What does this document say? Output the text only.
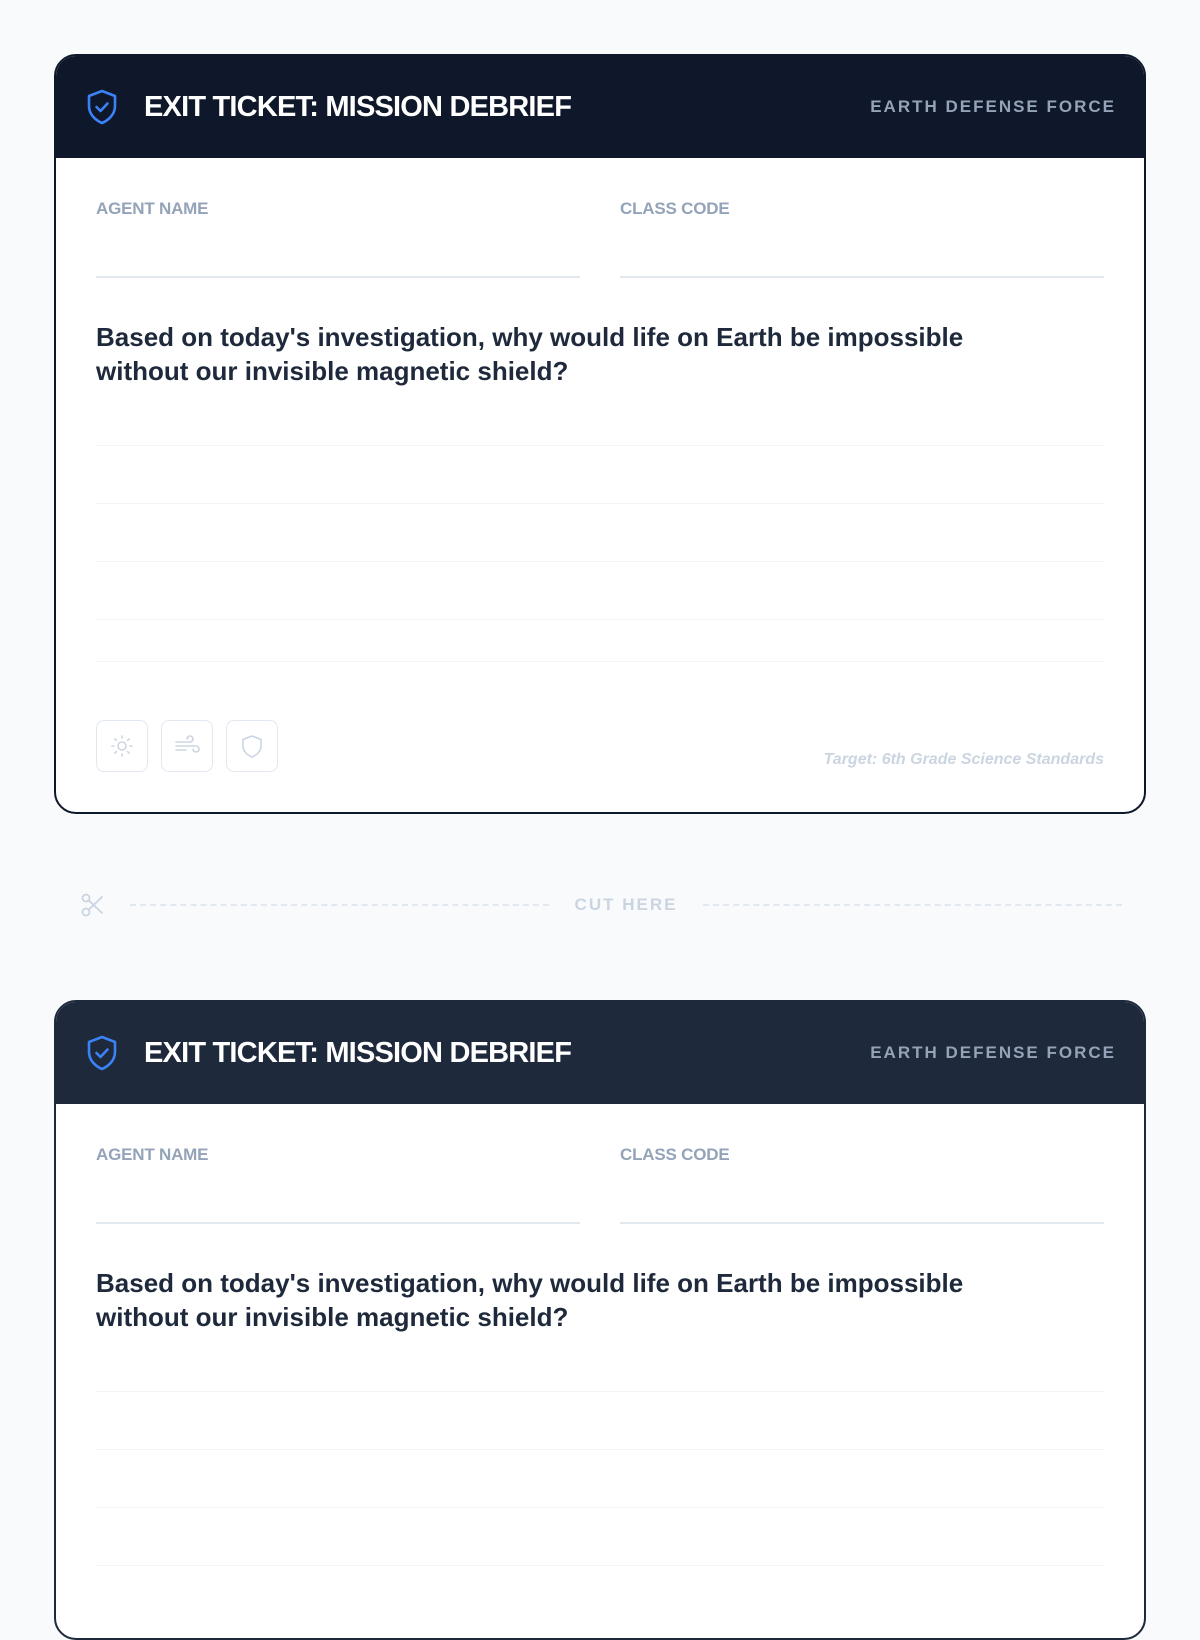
EXIT TICKET: MISSION DEBRIEF	EARTH DEFENSE FORCE
AGENT NAME	CLASS CODE
Based on today's investigation, why would life on Earth be impossible without our invisible magnetic shield?
Target: 6th Grade Science Standards
CUT HERE
EXIT TICKET: MISSION DEBRIEF	EARTH DEFENSE FORCE
AGENT NAME	CLASS CODE
Based on today's investigation, why would life on Earth be impossible without our invisible magnetic shield?
